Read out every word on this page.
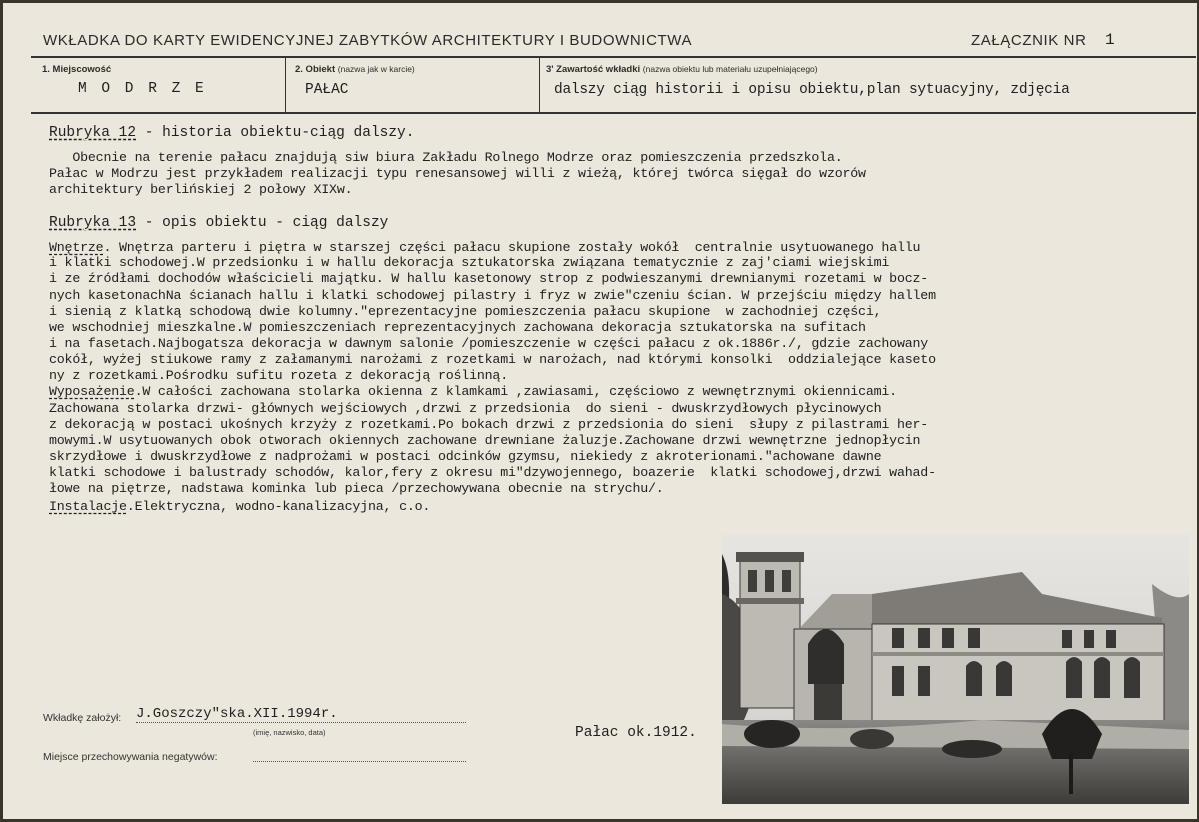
WKŁADKA DO KARTY EWIDENCYJNEJ ZABYTKÓW ARCHITEKTURY I BUDOWNICTWA	ZAŁĄCZNIK NR 1
1. Miejscowość	2. Obiekt (nazwa jak w karcie)	3' Zawartość wkładki (nazwa obiektu lub materiału uzupełniającego)
M O D R Z E	PAŁAC	dalszy ciąg historii i opisu obiektu,plan sytuacyjny, zdjęcia
Rubryka 12 - historia obiektu-ciąg dalszy.
Obecnie na terenie pałacu znajdują siw biura Zakładu Rolnego Modrze oraz pomieszczenia przedszkola.
Pałac w Modrzu jest przykładem realizacji typu renesansowej willi z wieżą, której twórca sięgał do wzorów
architektury berlińskiej 2 połowy XIXw.
Rubryka 13 - opis obiektu - ciąg dalszy
Wnętrze. Wnętrza parteru i piętra w starszej części pałacu skupione zostały wokół  centralnie usytuowanego hallu
i klatki schodowej.W przedsionku i w hallu dekoracja sztukatorska związana tematycznie z zaj'ciami wiejskimi
i ze źródłami dochodów właścicieli majątku. W hallu kasetonowy strop z podwieszanymi drewnianymi rozetami w bocz-
nych kasetonachNa ścianach hallu i klatki schodowej pilastry i fryz w zwie"czeniu ścian. W przejściu między hallem
i sienią z klatką schodową dwie kolumny."eprezentacyjne pomieszczenia pałacu skupione  w zachodniej części,
we wschodniej mieszkalne.W pomieszczeniach reprezentacyjnych zachowana dekoracja sztukatorska na sufitach
i na fasetach.Najbogatsza dekoracja w dawnym salonie /pomieszczenie w części pałacu z ok.1886r./, gdzie zachowany
cokół, wyżej stiukowe ramy z załamanymi narożami z rozetkami w narożach, nad którymi konsolki  oddzialejące kaseto
ny z rozetkami.Pośrodku sufitu rozeta z dekoracją roślinną.
Wyposażenie.W całości zachowana stolarka okienna z klamkami ,zawiasami, częściowo z wewnętrznymi okiennicami.
Zachowana stolarka drzwi- głównych wejściowych ,drzwi z przedsionia  do sieni - dwuskrzydłowych płycinowych
z dekoracją w postaci ukośnych krzyży z rozetkami.Po bokach drzwi z przedsionia do sieni  słupy z pilastrami her-
mowymi.W usytuowanych obok otworach okiennych zachowane drewniane żaluzje.Zachowane drzwi wewnętrzne jednopłycin
skrzydłowe i dwuskrzydłowe z nadprożami w postaci odcinków gzymsu, niekiedy z akroterionami."achowane dawne
klatki schodowe i balustrady schodów, kalor,fery z okresu mi"dzywojennego, boazerie  klatki schodowej,drzwi wahad-
łowe na piętrze, nadstawa kominka lub pieca /przechowywana obecnie na strychu/.
Instalacje.Elektryczna, wodno-kanalizacyjna, c.o.
Wkładkę założył: J.Goszczy"ska.XII.1994r.
(imię, nazwisko, data)
Miejsce przechowywania negatywów:
Pałac ok.1912.
